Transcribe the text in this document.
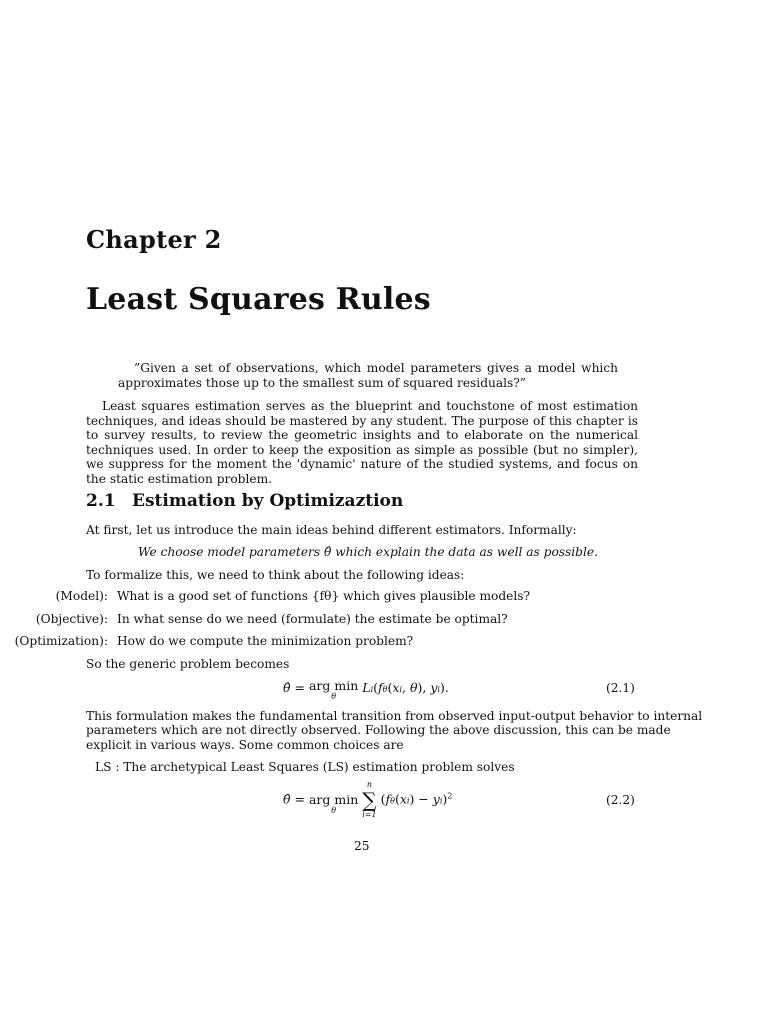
Chapter 2
Least Squares Rules
”Given a set of observations, which model parameters gives a model which approximates those up to the smallest sum of squared residuals?”
Least squares estimation serves as the blueprint and touchstone of most estimation techniques, and ideas should be mastered by any student. The purpose of this chapter is to survey results, to review the geometric insights and to elaborate on the numerical techniques used. In order to keep the exposition as simple as possible (but no simpler), we suppress for the moment the 'dynamic' nature of the studied systems, and focus on the static estimation problem.
2.1 Estimation by Optimizaztion
At first, let us introduce the main ideas behind different estimators. Informally:
We choose model parameters θ̂ which explain the data as well as possible.
To formalize this, we need to think about the following ideas:
(Model): What is a good set of functions {fθ} which gives plausible models?
(Objective): In what sense do we need (formulate) the estimate be optimal?
(Optimization): How do we compute the minimization problem?
So the generic problem becomes
θ̂ = arg min
θ
Li(fθ(xi, θ), yi).	(2.1)
This formulation makes the fundamental transition from observed input-output behavior to internal
parameters which are not directly observed. Following the above discussion, this can be made
explicit in various ways. Some common choices are
LS : The archetypical Least Squares (LS) estimation problem solves
θ̂ = arg min
θ

n
∑
i=1
(fθ(xi) − yi)$^2$	(2.2)
25
